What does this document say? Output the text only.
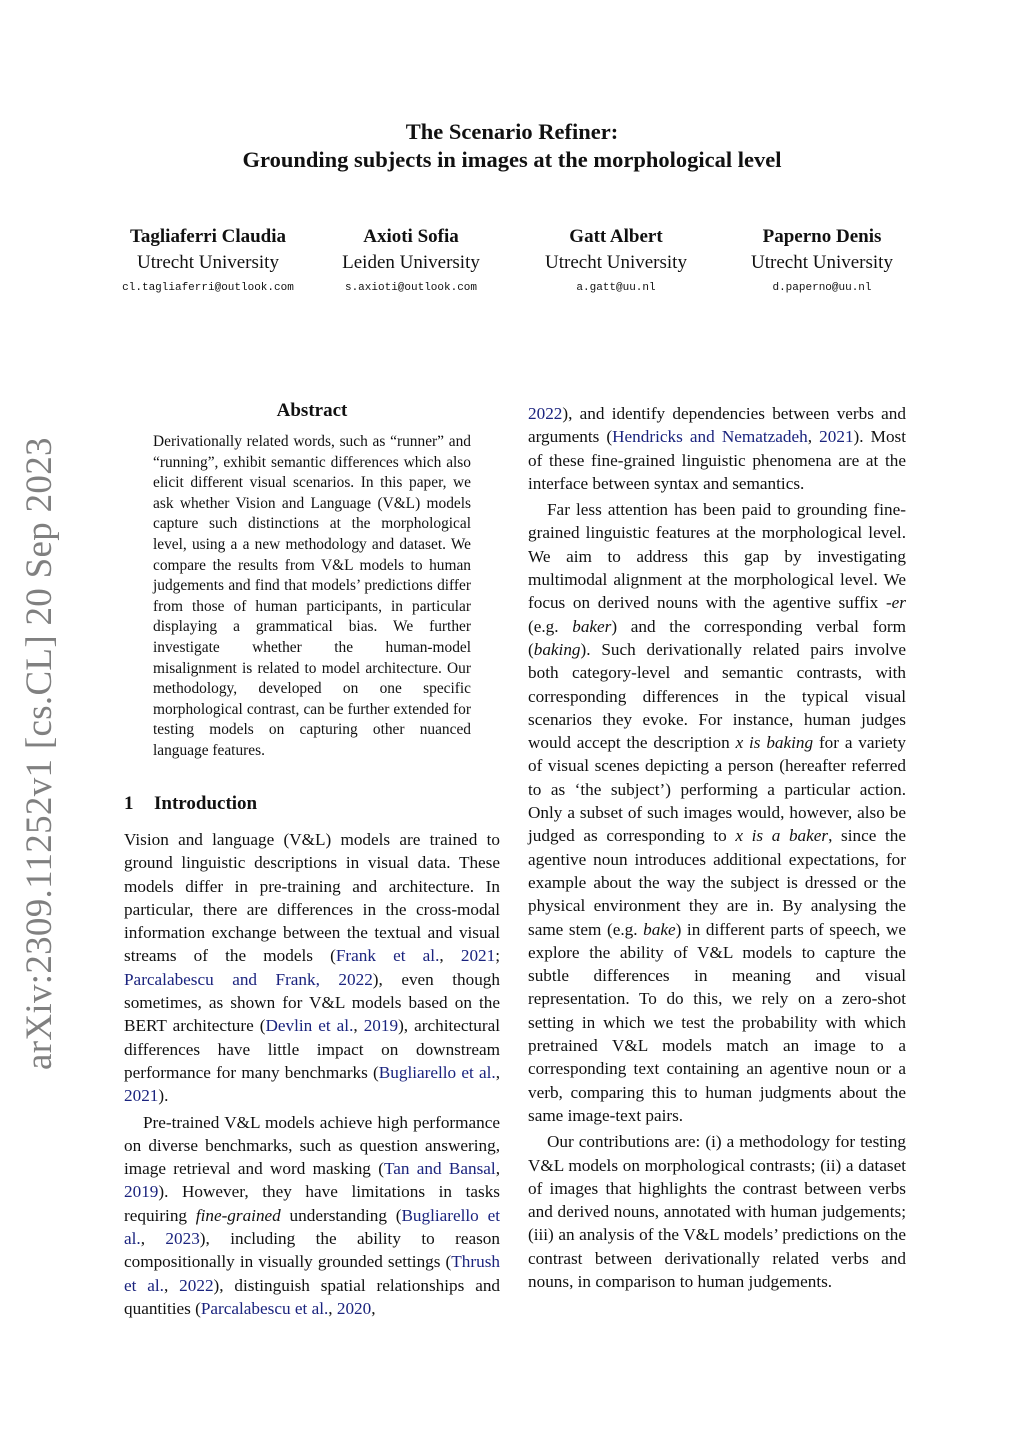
The Scenario Refiner:
Grounding subjects in images at the morphological level
Tagliaferri Claudia
Utrecht University
cl.tagliaferri@outlook.com
Axioti Sofia
Leiden University
s.axioti@outlook.com
Gatt Albert
Utrecht University
a.gatt@uu.nl
Paperno Denis
Utrecht University
d.paperno@uu.nl
arXiv:2309.11252v1 [cs.CL] 20 Sep 2023
Abstract
Derivationally related words, such as “runner” and “running”, exhibit semantic differences which also elicit different visual scenarios. In this paper, we ask whether Vision and Language (V&L) models capture such distinctions at the morphological level, using a a new methodology and dataset. We compare the results from V&L models to human judgements and find that models’ predictions differ from those of human participants, in particular displaying a grammatical bias. We further investigate whether the human-model misalignment is related to model architecture. Our methodology, developed on one specific morphological contrast, can be further extended for testing models on capturing other nuanced language features.
1 Introduction

Vision and language (V&L) models are trained to ground linguistic descriptions in visual data. These models differ in pre-training and architecture. In particular, there are differences in the cross-modal information exchange between the textual and visual streams of the models (Frank et al., 2021; Parcalabescu and Frank, 2022), even though sometimes, as shown for V&L models based on the BERT architecture (Devlin et al., 2019), architectural differences have little impact on downstream performance for many benchmarks (Bugliarello et al., 2021).

Pre-trained V&L models achieve high performance on diverse benchmarks, such as question answering, image retrieval and word masking (Tan and Bansal, 2019). However, they have limitations in tasks requiring fine-grained understanding (Bugliarello et al., 2023), including the ability to reason compositionally in visually grounded settings (Thrush et al., 2022), distinguish spatial relationships and quantities (Parcalabescu et al., 2020,

2022), and identify dependencies between verbs and arguments (Hendricks and Nematzadeh, 2021). Most of these fine-grained linguistic phenomena are at the interface between syntax and semantics.

Far less attention has been paid to grounding fine-grained linguistic features at the morphological level. We aim to address this gap by investigating multimodal alignment at the morphological level. We focus on derived nouns with the agentive suffix -er (e.g. baker) and the corresponding verbal form (baking). Such derivationally related pairs involve both category-level and semantic contrasts, with corresponding differences in the typical visual scenarios they evoke. For instance, human judges would accept the description x is baking for a variety of visual scenes depicting a person (hereafter referred to as ‘the subject’) performing a particular action. Only a subset of such images would, however, also be judged as corresponding to x is a baker, since the agentive noun introduces additional expectations, for example about the way the subject is dressed or the physical environment they are in. By analysing the same stem (e.g. bake) in different parts of speech, we explore the ability of V&L models to capture the subtle differences in meaning and visual representation. To do this, we rely on a zero-shot setting in which we test the probability with which pretrained V&L models match an image to a corresponding text containing an agentive noun or a verb, comparing this to human judgments about the same image-text pairs.

Our contributions are: (i) a methodology for testing V&L models on morphological contrasts; (ii) a dataset of images that highlights the contrast between verbs and derived nouns, annotated with human judgements; (iii) an analysis of the V&L models’ predictions on the contrast between derivationally related verbs and nouns, in comparison to human judgements.
